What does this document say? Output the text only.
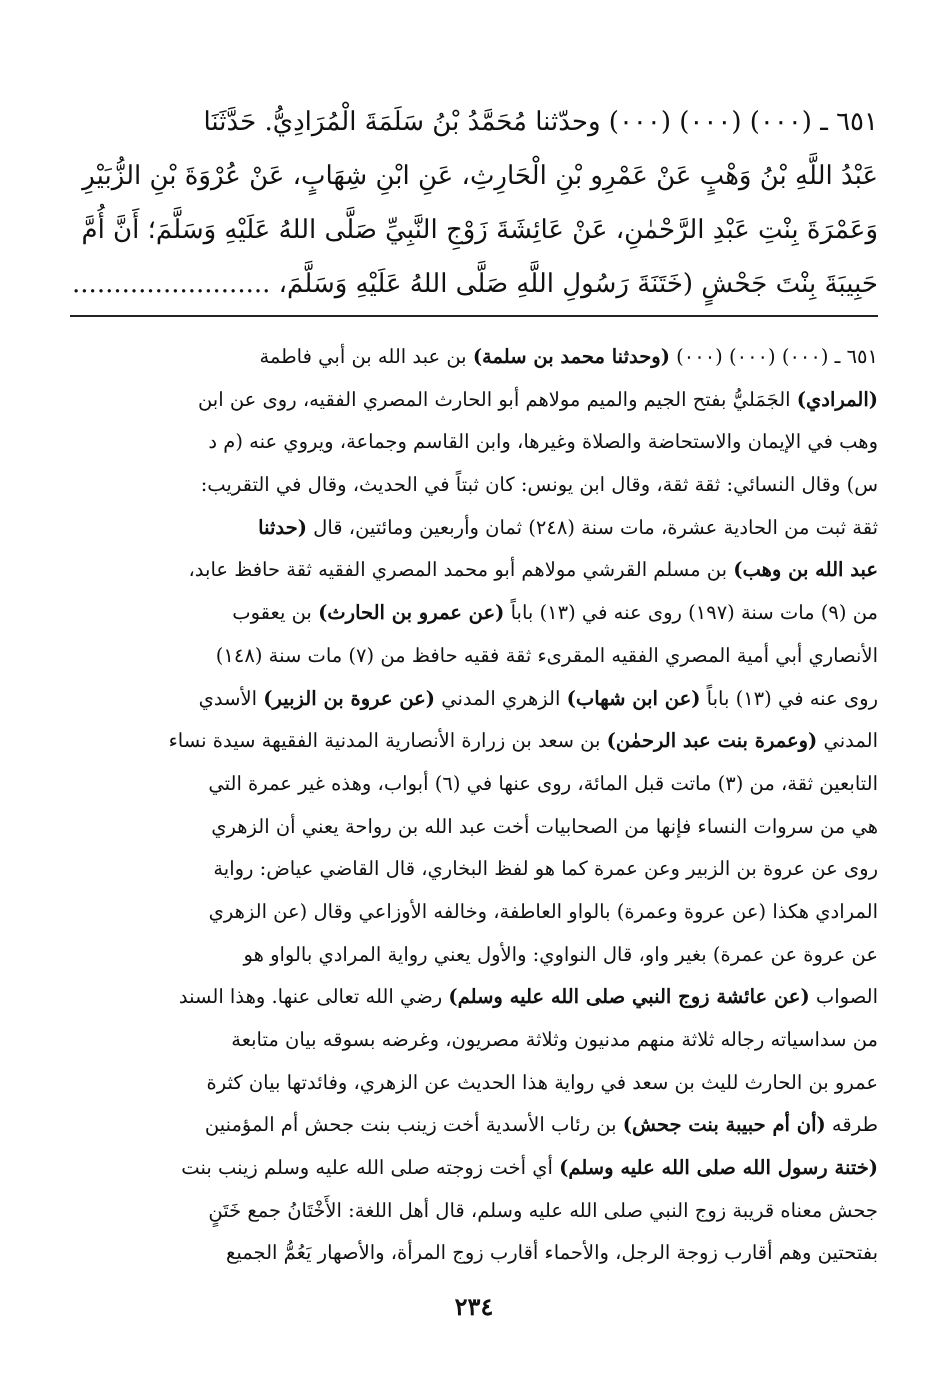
٦٥١ ـ (٠٠٠) (٠٠٠) (٠٠٠) وحدّثنا مُحَمَّدُ بْنُ سَلَمَةَ الْمُرَادِيُّ. حَدَّثَنَا
عَبْدُ اللَّهِ بْنُ وَهْبٍ عَنْ عَمْرِو بْنِ الْحَارِثِ، عَنِ ابْنِ شِهَابٍ، عَنْ عُرْوَةَ بْنِ الزُّبَيْرِ
وَعَمْرَةَ بِنْتِ عَبْدِ الرَّحْمٰنِ، عَنْ عَائِشَةَ زَوْجِ النَّبِيِّ صَلَّى اللهُ عَلَيْهِ وَسَلَّمَ؛ أَنَّ أُمَّ
حَبِيبَةَ بِنْتَ جَحْشٍ (خَتَنَةَ رَسُولِ اللَّهِ صَلَّى اللهُ عَلَيْهِ وَسَلَّمَ، ........................
٦٥١ ـ (٠٠٠) (٠٠٠) (٠٠٠) (وحدثنا محمد بن سلمة) بن عبد الله بن أبي فاطمة
(المرادي) الجَمَليُّ بفتح الجيم والميم مولاهم أبو الحارث المصري الفقيه، روى عن ابن
وهب في الإيمان والاستحاضة والصلاة وغيرها، وابن القاسم وجماعة، ويروي عنه (م د
س) وقال النسائي: ثقة ثقة، وقال ابن يونس: كان ثبتاً في الحديث، وقال في التقريب:
ثقة ثبت من الحادية عشرة، مات سنة (٢٤٨) ثمان وأربعين ومائتين، قال (حدثنا
عبد الله بن وهب) بن مسلم القرشي مولاهم أبو محمد المصري الفقيه ثقة حافظ عابد،
من (٩) مات سنة (١٩٧) روى عنه في (١٣) باباً (عن عمرو بن الحارث) بن يعقوب
الأنصاري أبي أمية المصري الفقيه المقرىء ثقة فقيه حافظ من (٧) مات سنة (١٤٨)
روى عنه في (١٣) باباً (عن ابن شهاب) الزهري المدني (عن عروة بن الزبير) الأسدي
المدني (وعمرة بنت عبد الرحمٰن) بن سعد بن زرارة الأنصارية المدنية الفقيهة سيدة نساء
التابعين ثقة، من (٣) ماتت قبل المائة، روى عنها في (٦) أبواب، وهذه غير عمرة التي
هي من سروات النساء فإنها من الصحابيات أخت عبد الله بن رواحة يعني أن الزهري
روى عن عروة بن الزبير وعن عمرة كما هو لفظ البخاري، قال القاضي عياض: رواية
المرادي هكذا (عن عروة وعمرة) بالواو العاطفة، وخالفه الأوزاعي وقال (عن الزهري
عن عروة عن عمرة) بغير واو، قال النواوي: والأول يعني رواية المرادي بالواو هو
الصواب (عن عائشة زوج النبي صلى الله عليه وسلم) رضي الله تعالى عنها. وهذا السند
من سداسياته رجاله ثلاثة منهم مدنيون وثلاثة مصريون، وغرضه بسوقه بيان متابعة
عمرو بن الحارث لليث بن سعد في رواية هذا الحديث عن الزهري، وفائدتها بيان كثرة
طرقه (أن أم حبيبة بنت جحش) بن رئاب الأسدية أخت زينب بنت جحش أم المؤمنين
(ختنة رسول الله صلى الله عليه وسلم) أي أخت زوجته صلى الله عليه وسلم زينب بنت
جحش معناه قريبة زوج النبي صلى الله عليه وسلم، قال أهل اللغة: الأَخْتَانُ جمع خَتَنٍ
بفتحتين وهم أقارب زوجة الرجل، والأحماء أقارب زوج المرأة، والأصهار يَعُمُّ الجميع
٢٣٤
